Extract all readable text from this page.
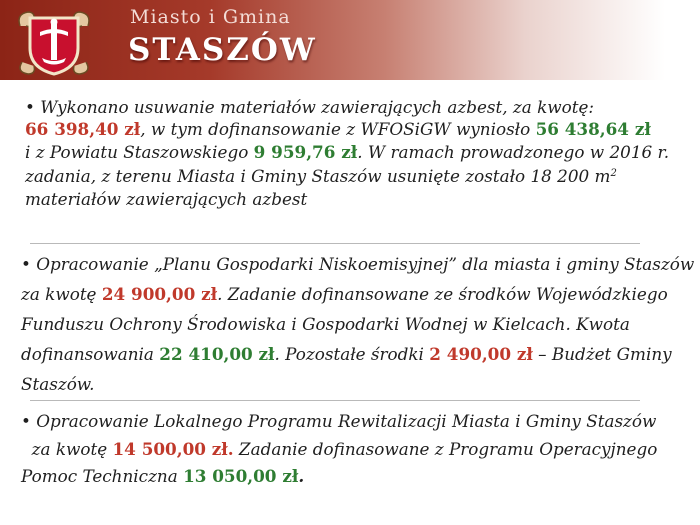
Miasto i Gmina
STASZÓW

• Wykonano usuwanie materiałów zawierających azbest, za kwotę:
66 398,40 zł, w tym dofinansowanie z WFOSiGW wyniosło 56 438,64 zł
i z Powiatu Staszowskiego 9 959,76 zł. W ramach prowadzonego w 2016 r.
zadania, z terenu Miasta i Gminy Staszów usunięte zostało 18 200 $m^2$
materiałów zawierających azbest

• Opracowanie „Planu Gospodarki Niskoemisyjnej” dla miasta i gminy Staszów
za kwotę 24 900,00 zł. Zadanie dofinansowane ze środków Wojewódzkiego
Funduszu Ochrony Środowiska i Gospodarki Wodnej w Kielcach. Kwota
dofinansowania 22 410,00 zł. Pozostałe środki 2 490,00 zł – Budżet Gminy
Staszów.

• Opracowanie Lokalnego Programu Rewitalizacji Miasta i Gminy Staszów
za kwotę 14 500,00 zł. Zadanie dofinasowane z Programu Operacyjnego
Pomoc Techniczna 13 050,00 zł.
